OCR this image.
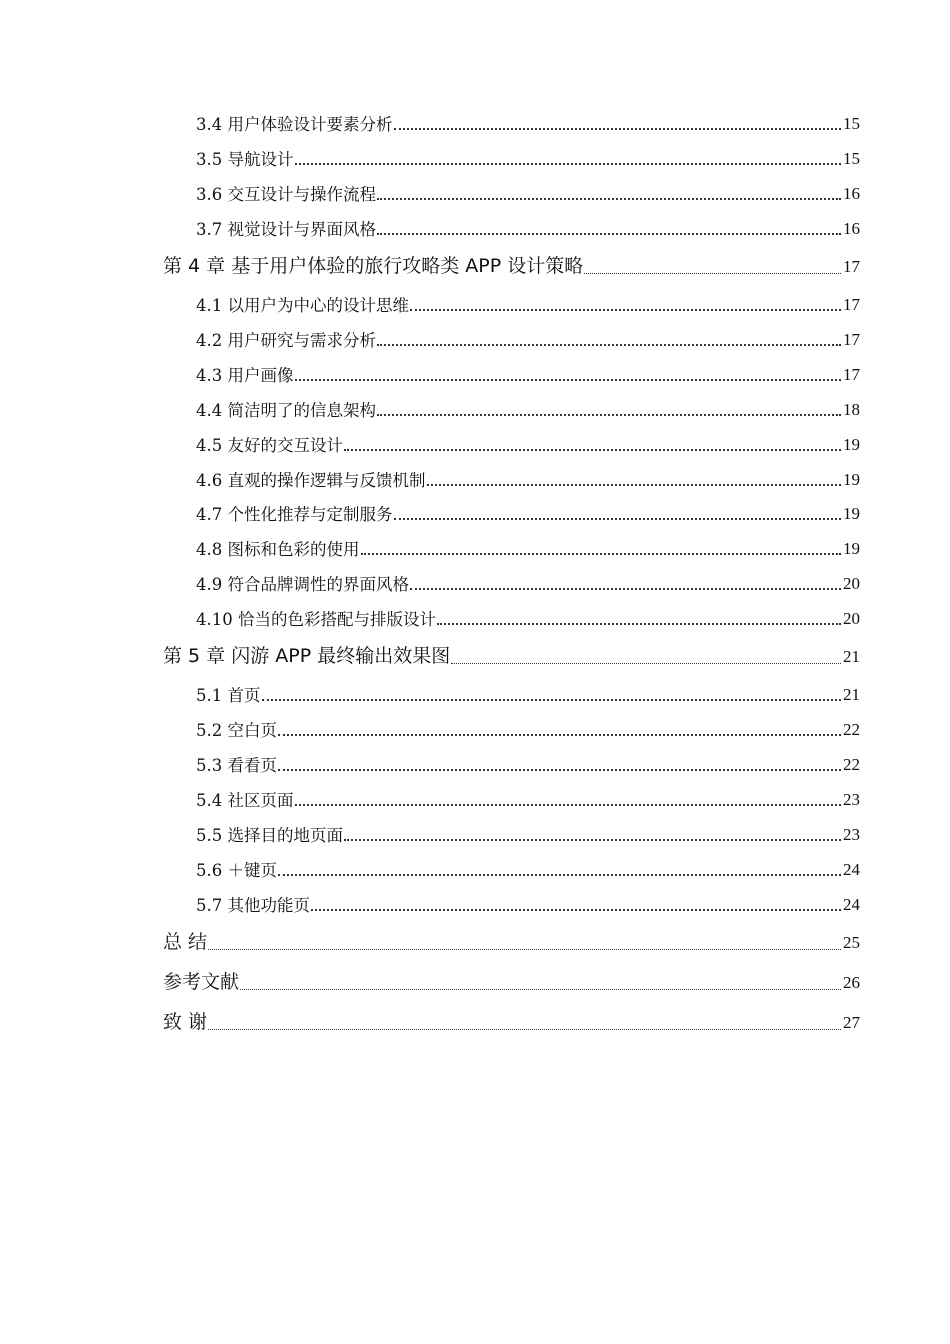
3.4 用户体验设计要素分析	15
3.5 导航设计	15
3.6 交互设计与操作流程	16
3.7 视觉设计与界面风格	16
第 4 章 基于用户体验的旅行攻略类 APP 设计策略	17
4.1 以用户为中心的设计思维	17
4.2 用户研究与需求分析	17
4.3 用户画像	17
4.4 简洁明了的信息架构	18
4.5 友好的交互设计	19
4.6 直观的操作逻辑与反馈机制	19
4.7 个性化推荐与定制服务	19
4.8 图标和色彩的使用	19
4.9 符合品牌调性的界面风格	20
4.10 恰当的色彩搭配与排版设计	20
第 5 章 闪游 APP 最终输出效果图	21
5.1 首页	21
5.2 空白页	22
5.3 看看页	22
5.4 社区页面	23
5.5 选择目的地页面	23
5.6 ＋键页	24
5.7 其他功能页	24
总 结	25
参考文献	26
致 谢	27
